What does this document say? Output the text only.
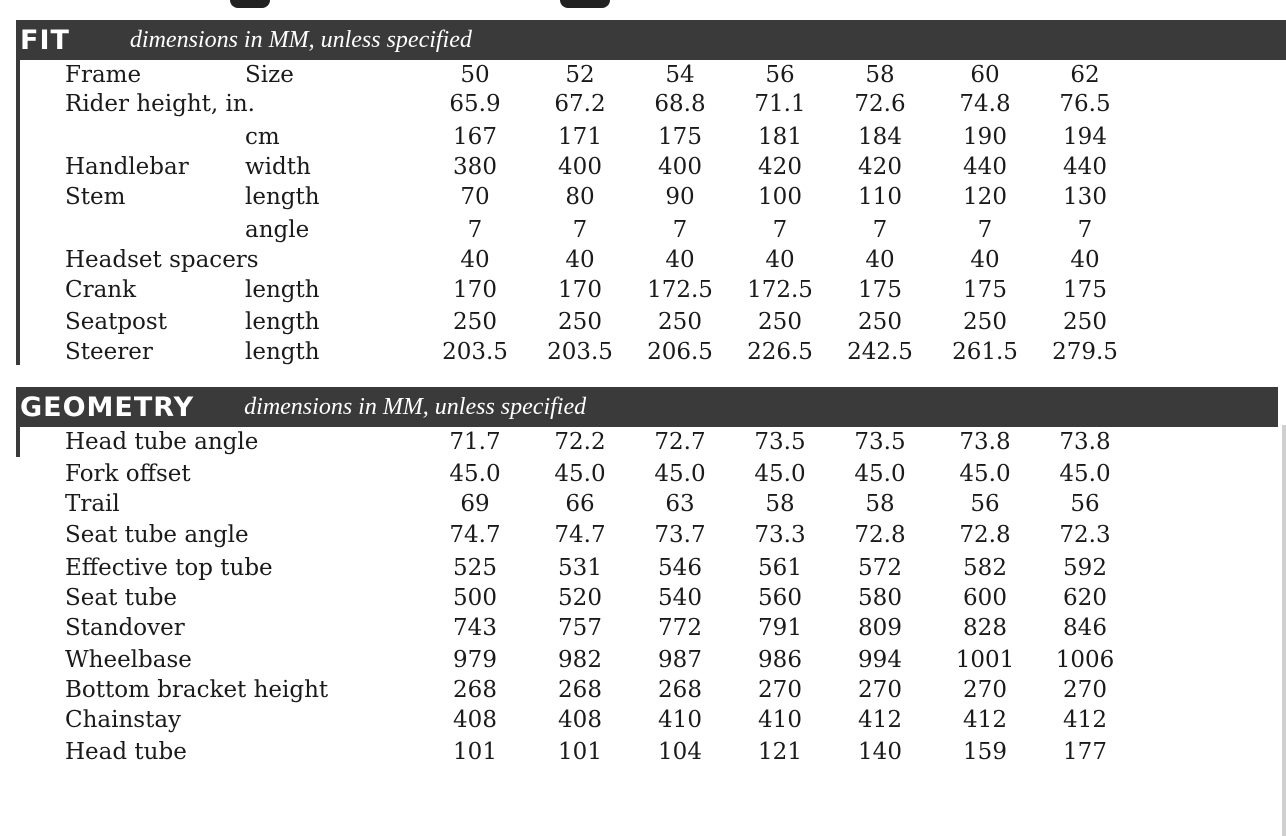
FIT	dimensions in MM, unless specified
Frame	Size	50	52	54	56	58	60	62
Rider height, in.	65.9	67.2	68.8	71.1	72.6	74.8	76.5
cm	167	171	175	181	184	190	194
Handlebar width	380	400	400	420	420	440	440
Stem	length	70	80	90	100	110	120	130
angle	7	7	7	7	7	7	7
Headset spacers	40	40	40	40	40	40	40
Crank	length	170	170	172.5	172.5	175	175	175
Seatpost	length	250	250	250	250	250	250	250
Steerer	length	203.5	203.5	206.5	226.5	242.5	261.5	279.5
GEOMETRY dimensions in MM, unless specified
Head tube angle	71.7	72.2	72.7	73.5	73.5	73.8	73.8
Fork offset	45.0	45.0	45.0	45.0	45.0	45.0	45.0
Trail	69	66	63	58	58	56	56
Seat tube angle	74.7	74.7	73.7	73.3	72.8	72.8	72.3
Effective top tube	525	531	546	561	572	582	592
Seat tube	500	520	540	560	580	600	620
Standover	743	757	772	791	809	828	846
Wheelbase	979	982	987	986	994	1001	1006
Bottom bracket height	268	268	268	270	270	270	270
Chainstay	408	408	410	410	412	412	412
Head tube	101	101	104	121	140	159	177
